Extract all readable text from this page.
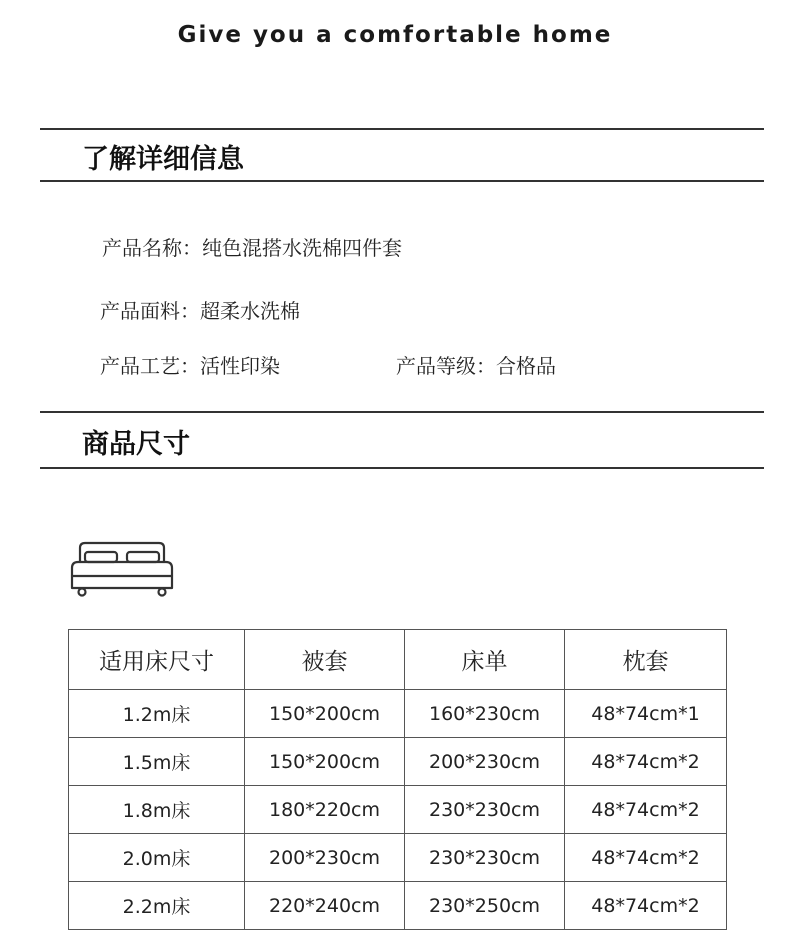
Give you a comfortable home
了解详细信息
产品名称：纯色混搭水洗棉四件套
产品面料：超柔水洗棉
产品工艺：活性印染	产品等级：合格品
商品尺寸
适用床尺寸	被套	床单	枕套
1.2m床	150*200cm	160*230cm	48*74cm*1
1.5m床	150*200cm	200*230cm	48*74cm*2
1.8m床	180*220cm	230*230cm	48*74cm*2
2.0m床	200*230cm	230*230cm	48*74cm*2
2.2m床	220*240cm	230*250cm	48*74cm*2
